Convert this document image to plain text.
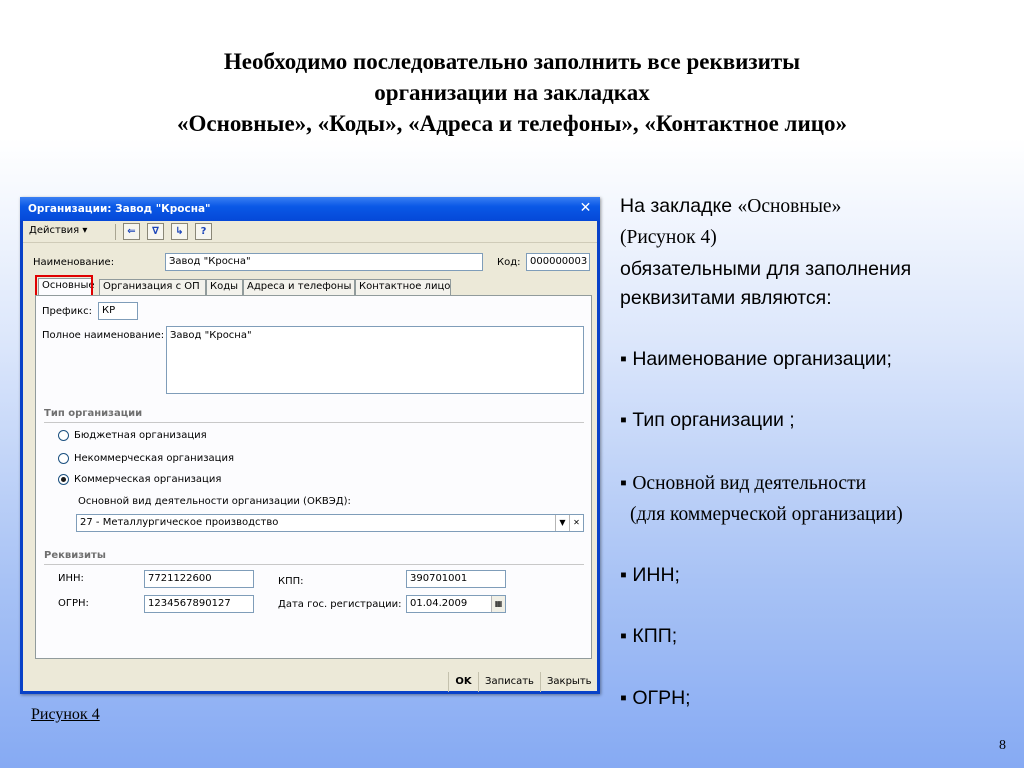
Необходимо последовательно заполнить все реквизиты
организации на закладках
«Основные», «Коды», «Адреса и телефоны», «Контактное лицо»
Организации: Завод "Кросна"	✕
Действия ▾	⇐	∇	↳	?
Наименование:	Завод "Кросна"	Код: 000000003
Основные Организация с ОП	Коды Адреса и телефоны Контактное лицо
Префикс:	КР
Полное наименование: Завод "Кросна"
Тип организации
Бюджетная организация
Некоммерческая организация
Коммерческая организация
Основной вид деятельности организации (ОКВЭД):
27 - Металлургическое производство	▼ ✕
Реквизиты
ИНН:	7721122600	КПП:	390701001
ОГРН:	1234567890127	Дата гос. регистрации: 01.04.2009	▦
OK	Записать	Закрыть
Рисунок 4
На закладке «Основные»
(Рисунок 4)
обязательными для заполнения
реквизитами являются:
▪ Наименование организации;
▪ Тип организации ;
▪ Основной вид деятельности
(для коммерческой организации)
▪ ИНН;
▪ КПП;
▪ ОГРН;
8
